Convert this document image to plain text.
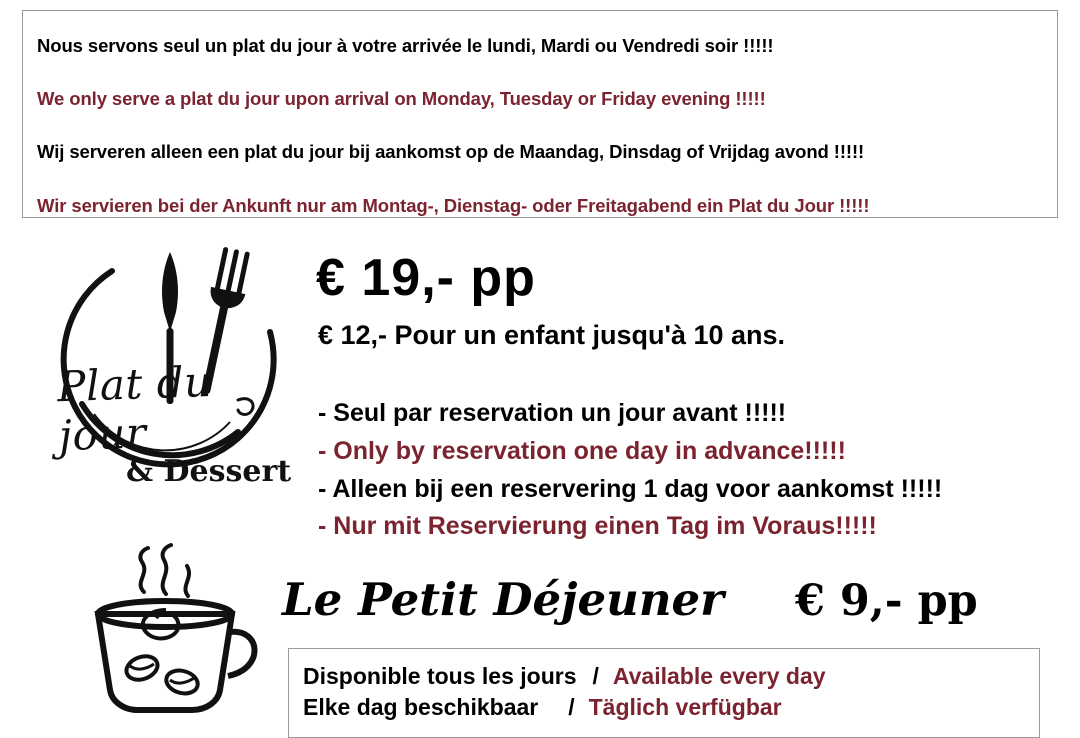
Nous servons seul un plat du jour à votre arrivée le lundi, Mardi ou Vendredi soir !!!!!
We only serve a plat du jour upon arrival on Monday, Tuesday or Friday evening !!!!!
Wij serveren alleen een plat du jour bij aankomst op de Maandag, Dinsdag of Vrijdag avond !!!!!
Wir servieren bei der Ankunft nur am Montag-, Dienstag- oder Freitagabend ein Plat du Jour !!!!!
Plat du jour
& Dessert
€ 19,- pp
€ 12,- Pour un enfant jusqu'à 10 ans.
- Seul par reservation un jour avant !!!!!
- Only by reservation one day in advance!!!!!
- Alleen bij een reservering 1 dag voor aankomst !!!!!
- Nur mit Reservierung einen Tag im Voraus!!!!!
Le Petit Déjeuner € 9,- pp
Disponible tous les jours / Available every day
Elke dag beschikbaar / Täglich verfügbar
